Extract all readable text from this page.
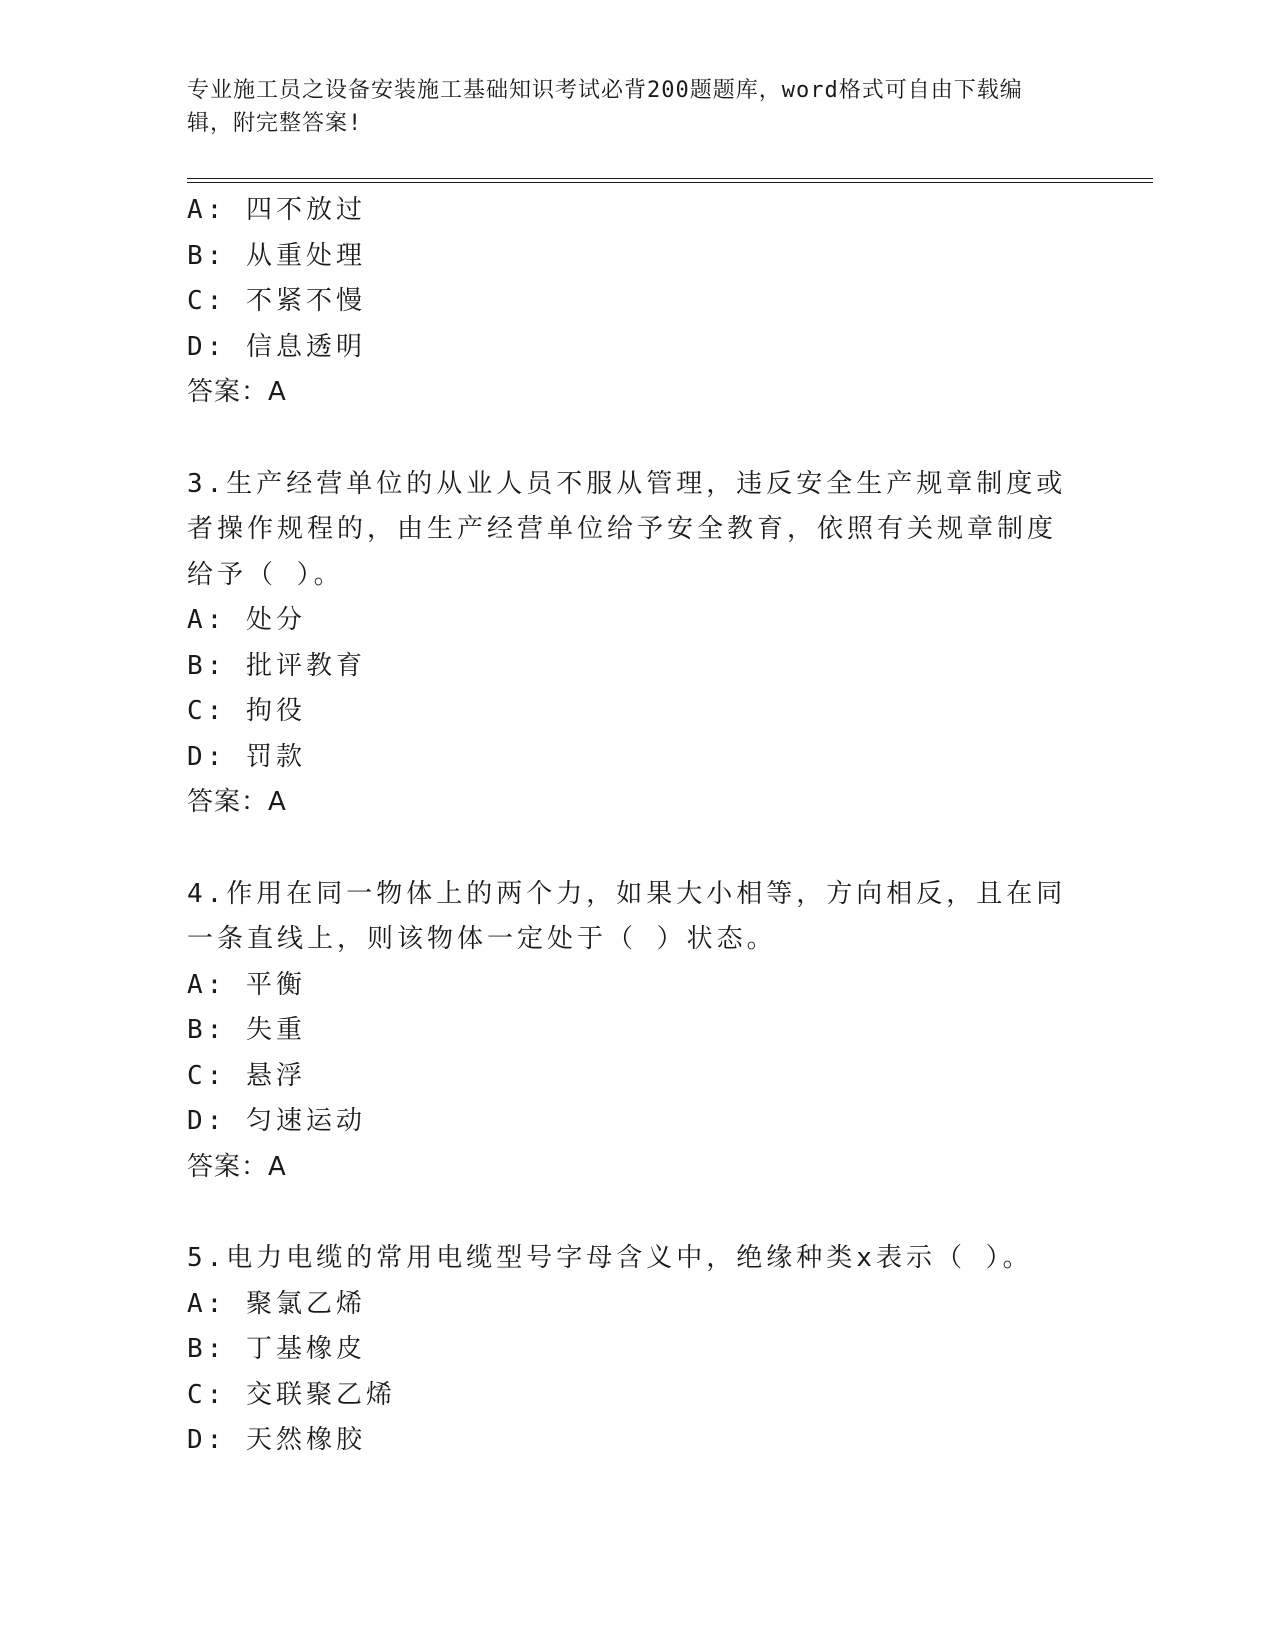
专业施工员之设备安装施工基础知识考试必背200题题库，word格式可自由下载编辑，附完整答案!
A: 四不放过
B: 从重处理
C: 不紧不慢
D: 信息透明
答案：A
3.生产经营单位的从业人员不服从管理，违反安全生产规章制度或者操作规程的，由生产经营单位给予安全教育，依照有关规章制度给予（ ）。
A: 处分
B: 批评教育
C: 拘役
D: 罚款
答案：A
4.作用在同一物体上的两个力，如果大小相等，方向相反，且在同一条直线上，则该物体一定处于（ ）状态。
A: 平衡
B: 失重
C: 悬浮
D: 匀速运动
答案：A
5.电力电缆的常用电缆型号字母含义中，绝缘种类x表示（ ）。
A: 聚氯乙烯
B: 丁基橡皮
C: 交联聚乙烯
D: 天然橡胶
